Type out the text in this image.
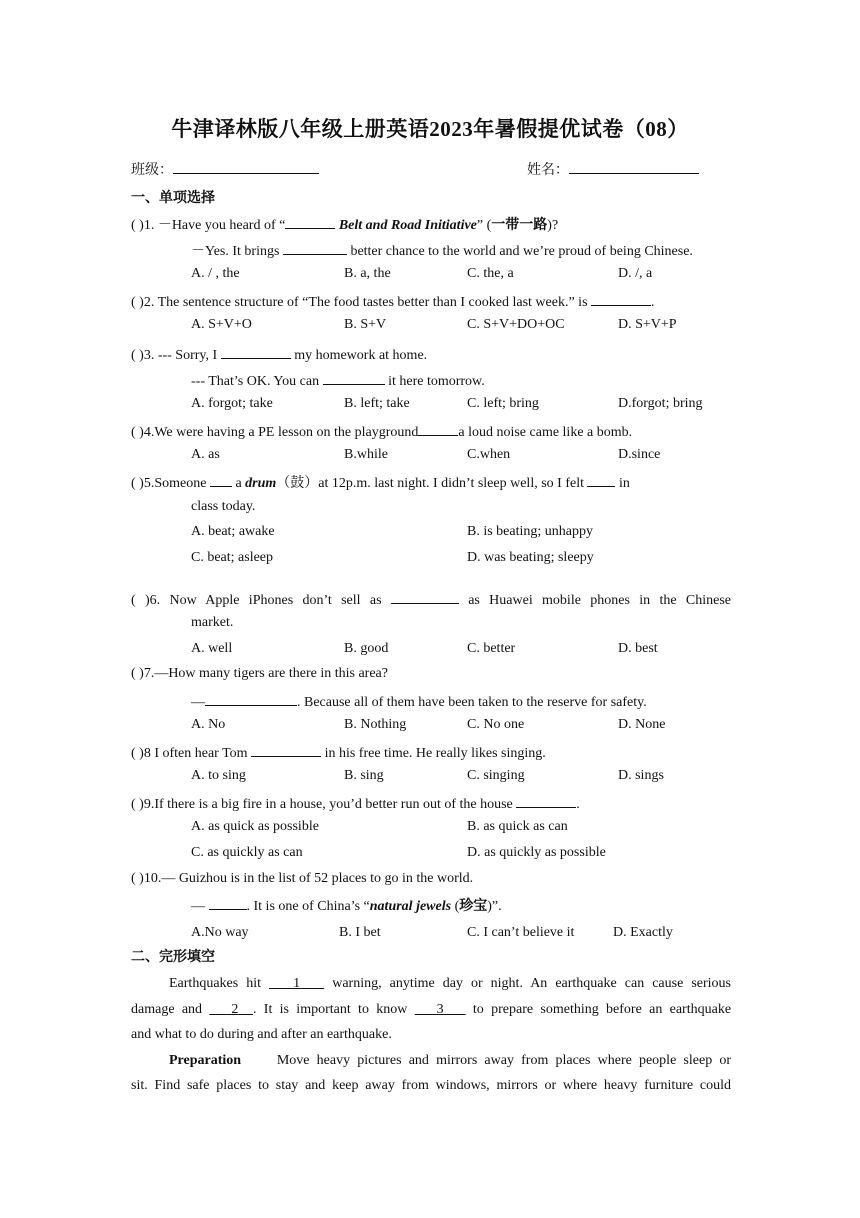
牛津译林版八年级上册英语2023年暑假提优试卷（08）
班级：	姓名：
一、单项选择
( )1. －Have you heard of “	Belt and Road Initiative” (一带一路)?
－Yes. It brings	better chance to the world and we’re proud of being Chinese.
A. / , the	B. a, the	C. the, a	D. /, a
( )2. The sentence structure of “The food tastes better than I cooked last week.” is	.
A. S+V+O	B. S+V	C. S+V+DO+OC	D. S+V+P
( )3. --- Sorry, I	my homework at home.
--- That’s OK. You can	it here tomorrow.
A. forgot; take	B. left; take	C. left; bring	D.forgot; bring
( )4.We were having a PE lesson on the playground	a loud noise came like a bomb.
A. as	B.while	C.when	D.since
( )5.Someone  a drum（鼓）at 12p.m. last night. I didn’t sleep well, so I felt  in
class today.
A. beat; awake	B. is beating; unhappy
C. beat; asleep	D. was beating; sleepy
( )6. Now Apple iPhones don’t sell as	as Huawei mobile phones in the Chinese
market.
A. well	B. good	C. better	D. best
( )7.—How many tigers are there in this area?
—	. Because all of them have been taken to the reserve for safety.
A. No	B. Nothing	C. No one	D. None
( )8 I often hear Tom	in his free time. He really likes singing.
A. to sing	B. sing	C. singing	D. sings
( )9.If there is a big fire in a house, you’d better run out of the house	.
A. as quick as possible	B. as quick as can
C. as quickly as can	D. as quickly as possible
( )10.— Guizhou is in the list of 52 places to go in the world.
—	. It is one of China’s “natural jewels (珍宝)”.
A.No way	B. I bet	C. I can’t believe it	D. Exactly
二、完形填空
Earthquakes hit    1    warning, anytime day or night. An earthquake can cause serious
damage and    2 . It is important to know    3    to prepare something before an earthquake
and what to do during and after an earthquake.
Preparation	Move heavy pictures and mirrors away from places where people sleep or
sit. Find safe places to stay and keep away from windows, mirrors or where heavy furniture could
